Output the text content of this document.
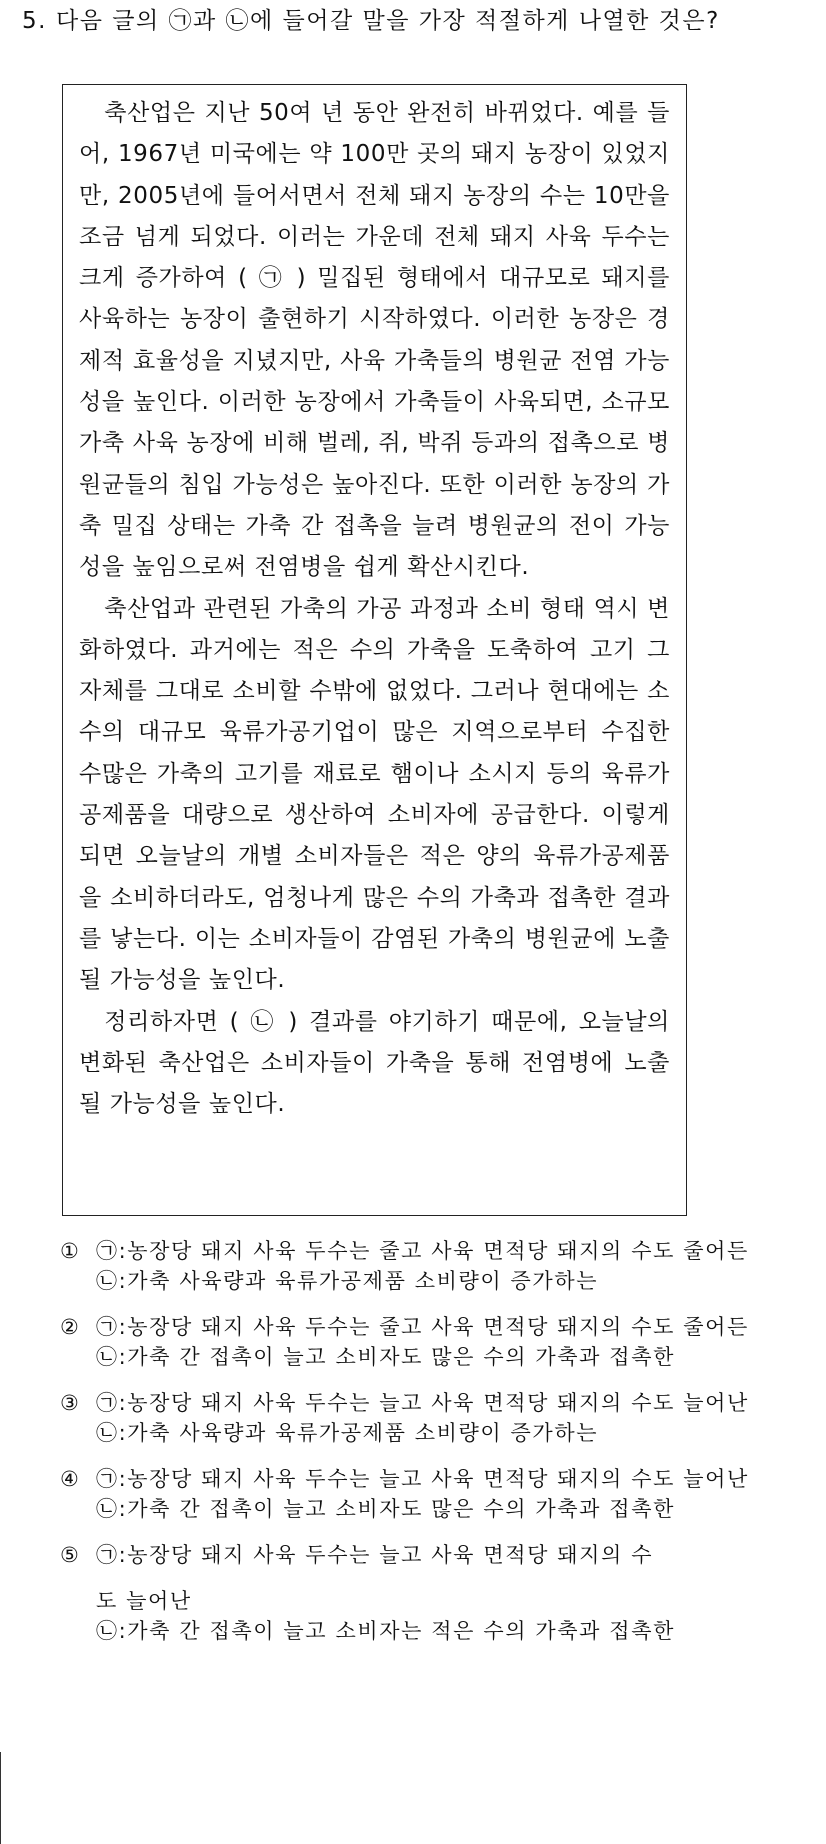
5. 다음 글의 ㉠과 ㉡에 들어갈 말을 가장 적절하게 나열한 것은?

축산업은 지난 50여 년 동안 완전히 바뀌었다. 예를 들어, 1967년 미국에는 약 100만 곳의 돼지 농장이 있었지만, 2005년에 들어서면서 전체 돼지 농장의 수는 10만을 조금 넘게 되었다. 이러는 가운데 전체 돼지 사육 두수는 크게 증가하여 ( ㉠ ) 밀집된 형태에서 대규모로 돼지를 사육하는 농장이 출현하기 시작하였다. 이러한 농장은 경제적 효율성을 지녔지만, 사육 가축들의 병원균 전염 가능성을 높인다. 이러한 농장에서 가축들이 사육되면, 소규모 가축 사육 농장에 비해 벌레, 쥐, 박쥐 등과의 접촉으로 병원균들의 침입 가능성은 높아진다. 또한 이러한 농장의 가축 밀집 상태는 가축 간 접촉을 늘려 병원균의 전이 가능성을 높임으로써 전염병을 쉽게 확산시킨다.

축산업과 관련된 가축의 가공 과정과 소비 형태 역시 변화하였다. 과거에는 적은 수의 가축을 도축하여 고기 그 자체를 그대로 소비할 수밖에 없었다. 그러나 현대에는 소수의 대규모 육류가공기업이 많은 지역으로부터 수집한 수많은 가축의 고기를 재료로 햄이나 소시지 등의 육류가공제품을 대량으로 생산하여 소비자에 공급한다. 이렇게 되면 오늘날의 개별 소비자들은 적은 양의 육류가공제품을 소비하더라도, 엄청나게 많은 수의 가축과 접촉한 결과를 낳는다. 이는 소비자들이 감염된 가축의 병원균에 노출될 가능성을 높인다.

정리하자면 ( ㉡ ) 결과를 야기하기 때문에, 오늘날의 변화된 축산업은 소비자들이 가축을 통해 전염병에 노출될 가능성을 높인다.

① ㉠:농장당 돼지 사육 두수는 줄고 사육 면적당 돼지의 수도 줄어든
㉡:가축 사육량과 육류가공제품 소비량이 증가하는
② ㉠:농장당 돼지 사육 두수는 줄고 사육 면적당 돼지의 수도 줄어든
㉡:가축 간 접촉이 늘고 소비자도 많은 수의 가축과 접촉한
③ ㉠:농장당 돼지 사육 두수는 늘고 사육 면적당 돼지의 수도 늘어난
㉡:가축 사육량과 육류가공제품 소비량이 증가하는
④ ㉠:농장당 돼지 사육 두수는 늘고 사육 면적당 돼지의 수도 늘어난
㉡:가축 간 접촉이 늘고 소비자도 많은 수의 가축과 접촉한
⑤ ㉠:농장당 돼지 사육 두수는 늘고 사육 면적당 돼지의 수
도 늘어난
㉡:가축 간 접촉이 늘고 소비자는 적은 수의 가축과 접촉한
